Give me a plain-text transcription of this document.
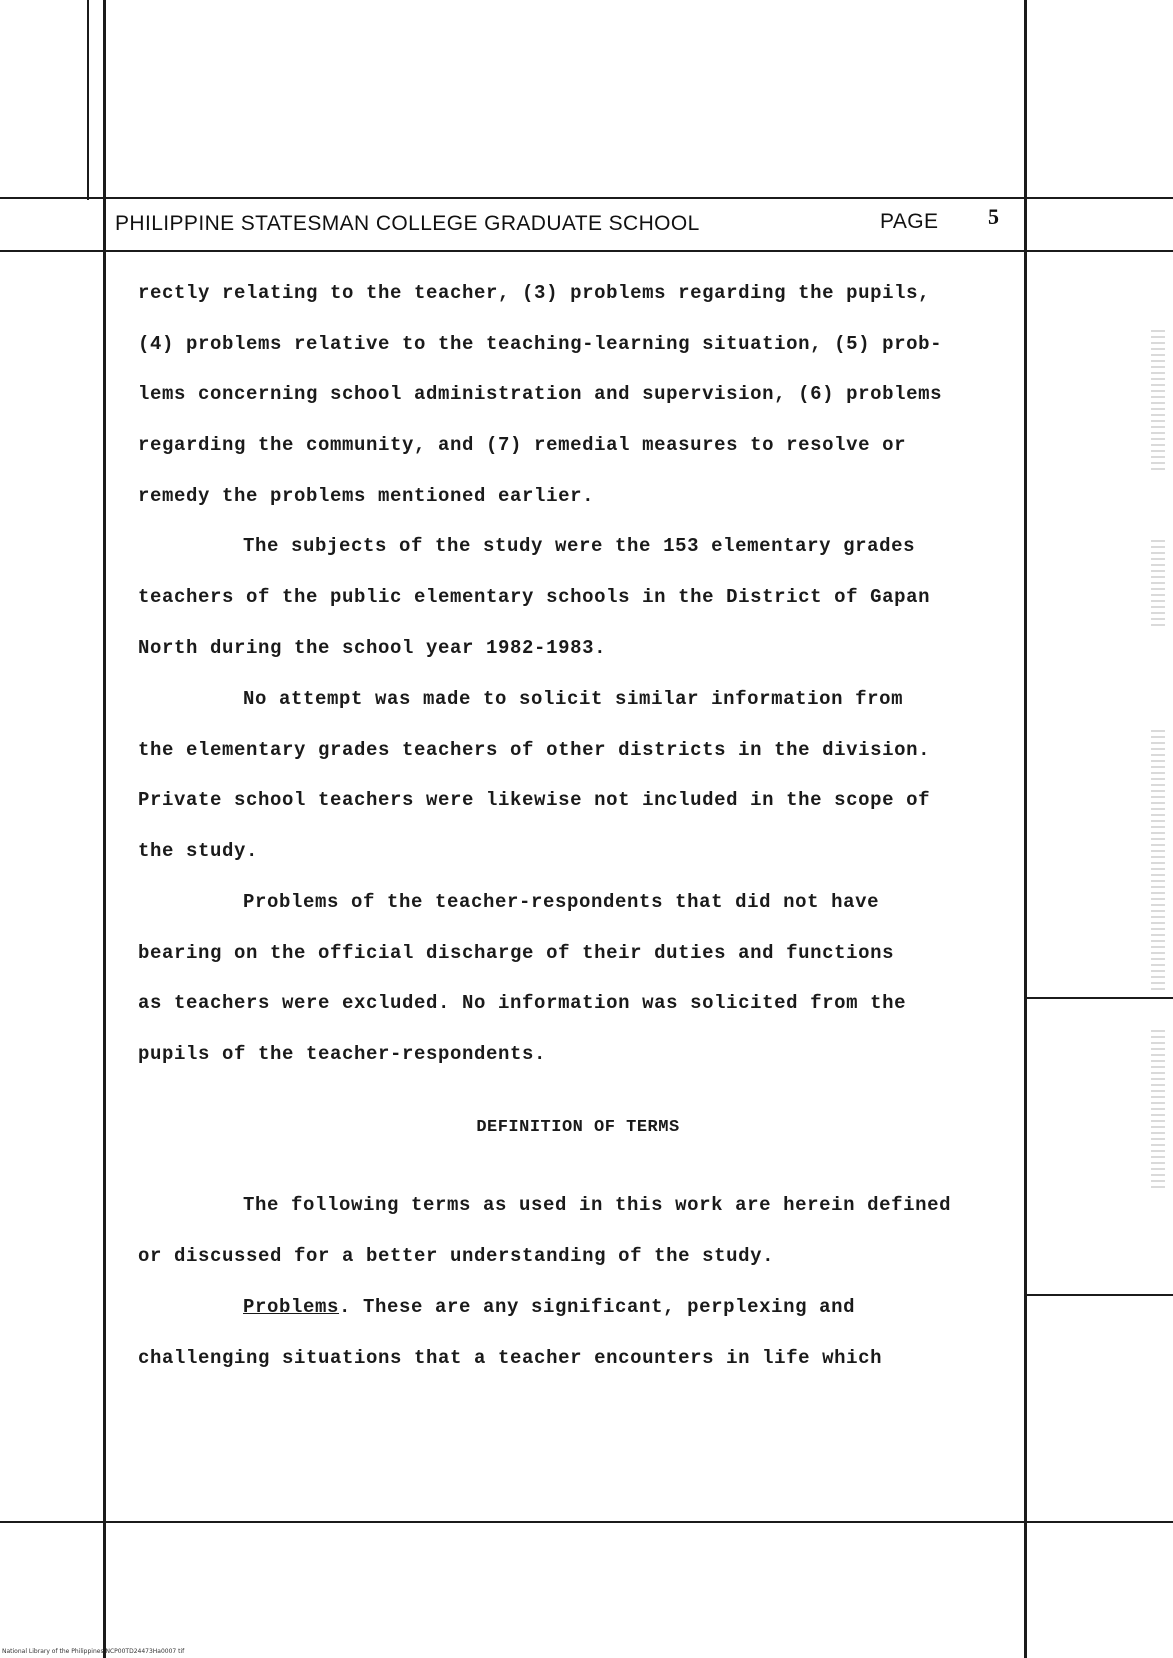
PHILIPPINE STATESMAN COLLEGE GRADUATE SCHOOL	PAGE 5
rectly relating to the teacher, (3) problems regarding the pupils,
(4) problems relative to the teaching-learning situation, (5) prob-
lems concerning school administration and supervision, (6) problems
regarding the community, and (7) remedial measures to resolve or
remedy the problems mentioned earlier.
The subjects of the study were the 153 elementary grades
teachers of the public elementary schools in the District of Gapan
North during the school year 1982-1983.
No attempt was made to solicit similar information from
the elementary grades teachers of other districts in the division.
Private school teachers were likewise not included in the scope of
the study.
Problems of the teacher-respondents that did not have
bearing on the official discharge of their duties and functions
as teachers were excluded. No information was solicited from the
pupils of the teacher-respondents.
DEFINITION OF TERMS
The following terms as used in this work are herein defined
or discussed for a better understanding of the study.
Problems. These are any significant, perplexing and
challenging situations that a teacher encounters in life which
National Library of the Philippines NCP00TD24473Ha0007 tif
